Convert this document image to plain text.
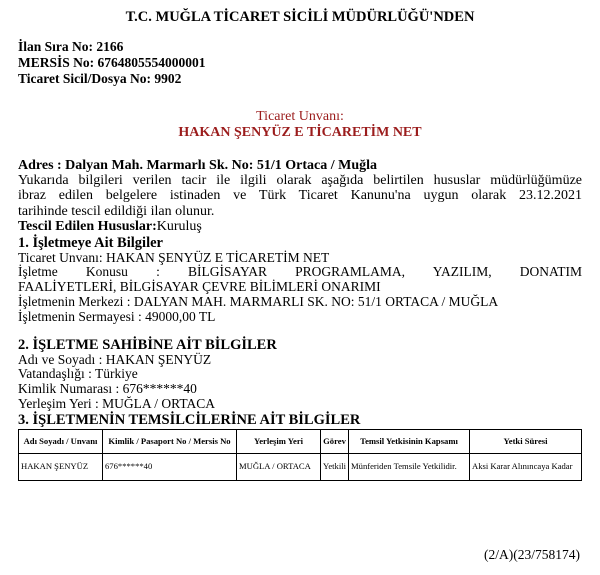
T.C. MUĞLA TİCARET SİCİLİ MÜDÜRLÜĞÜ'NDEN
İlan Sıra No: 2166
MERSİS No: 6764805554000001
Ticaret Sicil/Dosya No: 9902
Ticaret Unvanı:
HAKAN ŞENYÜZ E TİCARETİM NET
Adres : Dalyan Mah. Marmarlı Sk. No: 51/1 Ortaca / Muğla
Yukarıda bilgileri verilen tacir ile ilgili olarak aşağıda belirtilen hususlar müdürlüğümüze
ibraz edilen belgelere istinaden ve Türk Ticaret Kanunu'na uygun olarak 23.12.2021
tarihinde tescil edildiği ilan olunur.
Tescil Edilen Hususlar:Kuruluş
1. İşletmeye Ait Bilgiler
Ticaret Unvanı: HAKAN ŞENYÜZ E TİCARETİM NET
İşletme Konusu : BİLGİSAYAR PROGRAMLAMA, YAZILIM, DONATIM
FAALİYETLERİ, BİLGİSAYAR ÇEVRE BİLİMLERİ ONARIMI
İşletmenin Merkezi : DALYAN MAH. MARMARLI SK. NO: 51/1 ORTACA / MUĞLA
İşletmenin Sermayesi : 49000,00 TL
2. İŞLETME SAHİBİNE AİT BİLGİLER
Adı ve Soyadı : HAKAN ŞENYÜZ
Vatandaşlığı : Türkiye
Kimlik Numarası : 676******40
Yerleşim Yeri : MUĞLA / ORTACA
3. İŞLETMENİN TEMSİLCİLERİNE AİT BİLGİLER
Adı Soyadı / Unvanı	Kimlik / Pasaport No / Mersis No	Yerleşim Yeri	Görev	Temsil Yetkisinin Kapsamı	Yetki Süresi
HAKAN ŞENYÜZ	676******40	MUĞLA / ORTACA	Yetkili	Münferiden Temsile Yetkilidir.	Aksi Karar Alınıncaya Kadar
(2/A)(23/758174)
